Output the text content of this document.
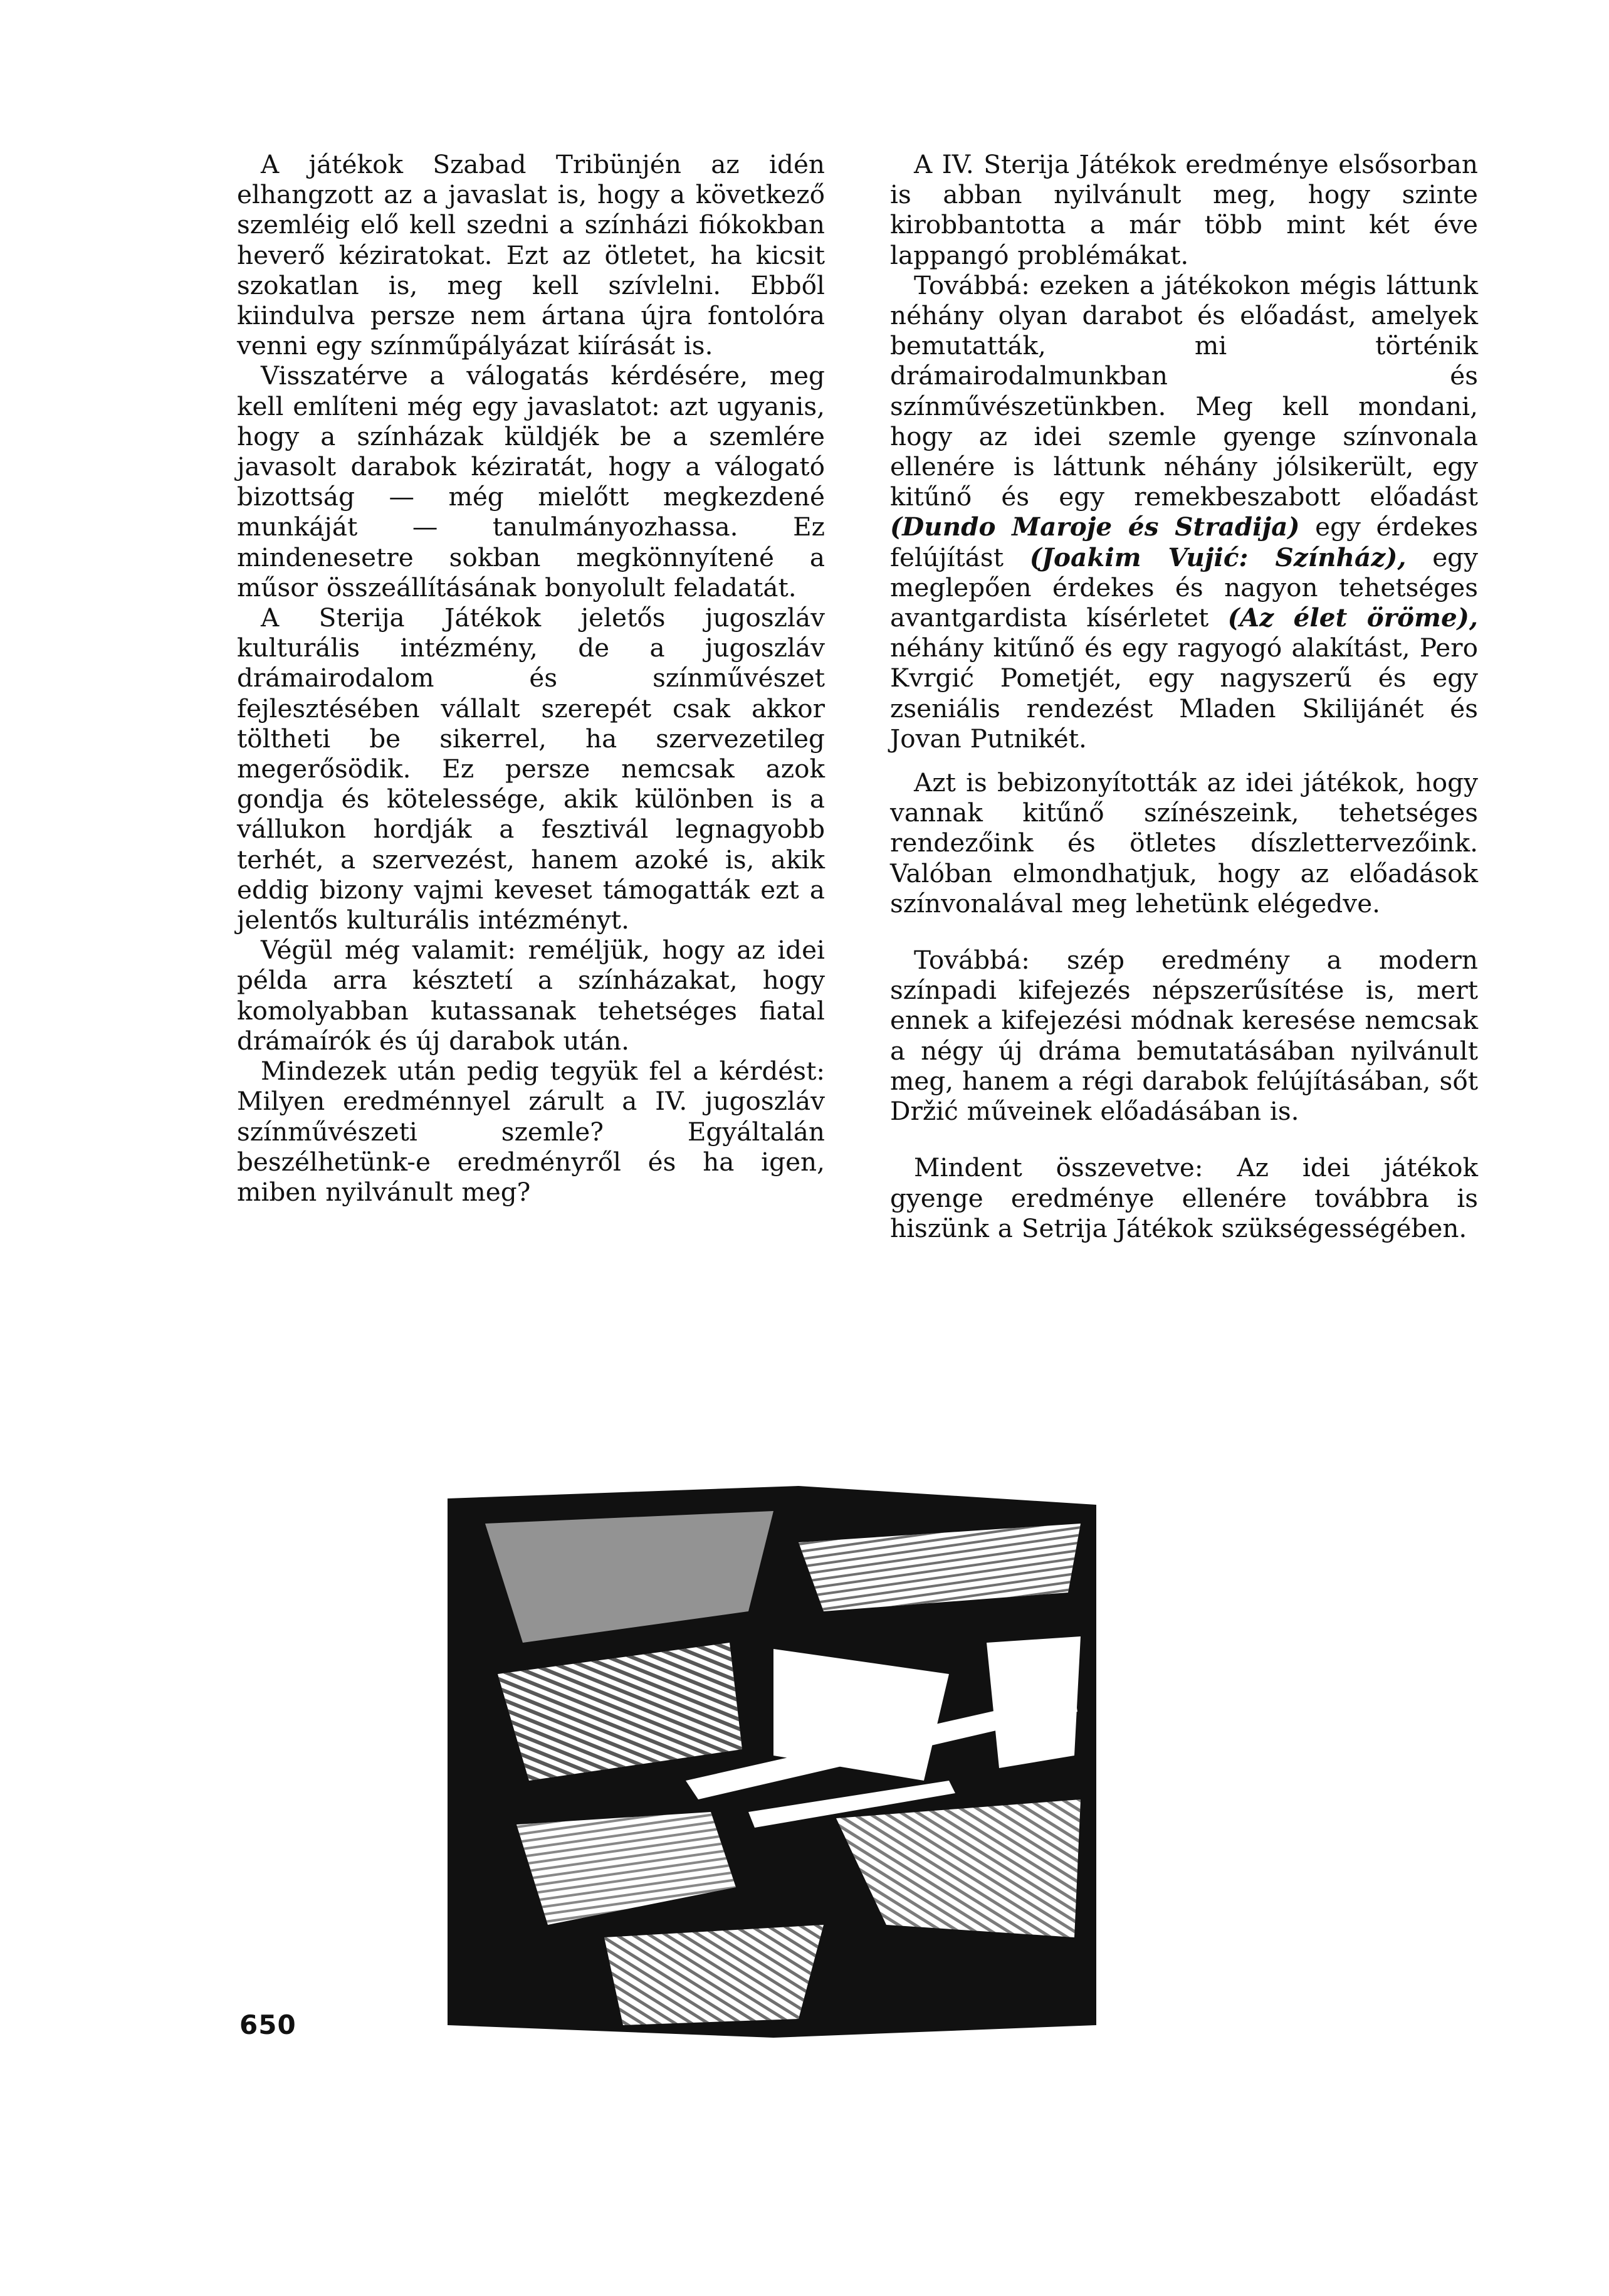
A játékok Szabad Tribünjén az idén elhangzott az a javaslat is, hogy a következő szemléig elő kell szedni a színházi fiókokban heverő kéziratokat. Ezt az ötletet, ha kicsit szokatlan is, meg kell szívlelni. Ebből kiindulva persze nem ártana újra fontolóra venni egy színműpályázat kiírását is.

Visszatérve a válogatás kérdésére, meg kell említeni még egy javaslatot: azt ugyanis, hogy a színházak küldjék be a szemlére javasolt darabok kéziratát, hogy a válogató bizottság — még mielőtt megkezdené munkáját — tanulmányozhassa. Ez mindenesetre sokban megkönnyítené a műsor összeállításának bonyolult feladatát.

A Sterija Játékok jeletős jugoszláv kulturális intézmény, de a jugoszláv drámairodalom és színművészet fejlesztésében vállalt szerepét csak akkor töltheti be sikerrel, ha szervezetileg megerősödik. Ez persze nemcsak azok gondja és kötelessége, akik különben is a vállukon hordják a fesztivál legnagyobb terhét, a szervezést, hanem azoké is, akik eddig bizony vajmi keveset támogatták ezt a jelentős kulturális intézményt.

Végül még valamit: reméljük, hogy az idei példa arra késztetí a színházakat, hogy komolyabban kutassanak tehetséges fiatal drámaírók és új darabok után.

Mindezek után pedig tegyük fel a kérdést: Milyen eredménnyel zárult a IV. jugoszláv színművészeti szemle? Egyáltalán beszélhetünk-e eredményről és ha igen, miben nyilvánult meg?

A IV. Sterija Játékok eredménye elsősorban is abban nyilvánult meg, hogy szinte kirobbantotta a már több mint két éve lappangó problémákat.

Továbbá: ezeken a játékokon mégis láttunk néhány olyan darabot és előadást, amelyek bemutatták, mi történik drámairodalmunkban és színművészetünkben. Meg kell mondani, hogy az idei szemle gyenge színvonala ellenére is láttunk néhány jólsikerült, egy kitűnő és egy remekbeszabott előadást (Dundo Maroje és Stradija) egy érdekes felújítást (Joakim Vujić: Színház), egy meglepően érdekes és nagyon tehetséges avantgardista kísérletet (Az élet öröme), néhány kitűnő és egy ragyogó alakítást, Pero Kvrgić Pometjét, egy nagyszerű és egy zseniális rendezést Mladen Skilijánét és Jovan Putnikét.

Azt is bebizonyították az idei játékok, hogy vannak kitűnő színészeink, tehetséges rendezőink és ötletes díszlettervezőink. Valóban elmondhatjuk, hogy az előadások színvonalával meg lehetünk elégedve.

Továbbá: szép eredmény a modern színpadi kifejezés népszerűsítése is, mert ennek a kifejezési módnak keresése nemcsak a négy új dráma bemutatásában nyilvánult meg, hanem a régi darabok felújításában, sőt Držić műveinek előadásában is.

Mindent összevetve: Az idei játékok gyenge eredménye ellenére továbbra is hiszünk a Setrija Játékok szükségességében.

650
